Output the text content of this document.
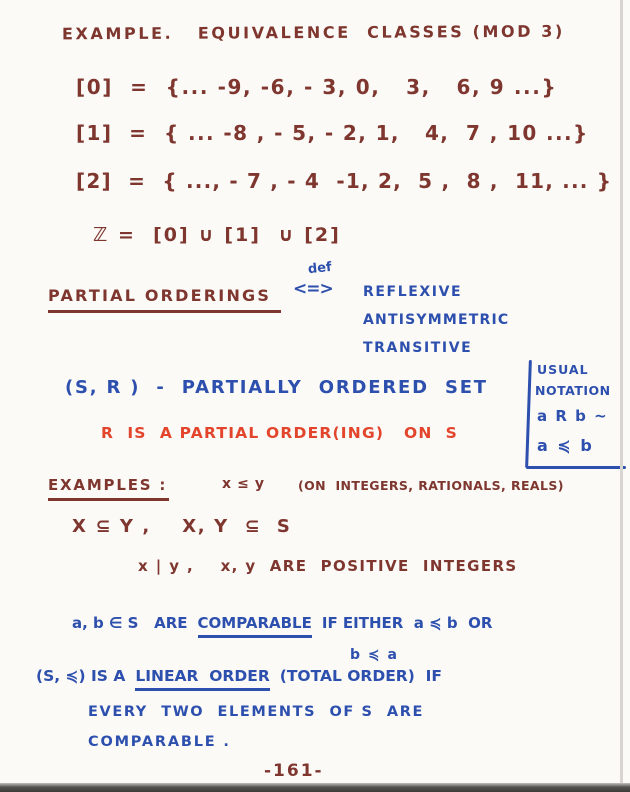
EXAMPLE.   EQUIVALENCE  CLASSES (MOD 3)
[0]  =  {... -9, -6, - 3, 0,   3,   6, 9 ...}
[1]  =  { ... -8 , - 5, - 2, 1,   4,  7 , 10 ...}
[2]  =  { ..., - 7 , - 4  -1, 2,  5 ,  8 ,  11, ... }
ℤ =  [0] ∪ [1]  ∪ [2]
PARTIAL ORDERINGS
def
<=> REFLEXIVE
ANTISYMMETRIC
TRANSITIVE
(S, R )  -  PARTIALLY  ORDERED  SET
R  IS  A PARTIAL ORDER(ING)   ON  S
USUAL
NOTATION
a R b ~
a ≼ b
EXAMPLES :	x ≤ y	(ON  INTEGERS, RATIONALS, REALS)
X ⊆ Y ,    X, Y  ⊆  S
x | y ,    x, y  ARE  POSITIVE  INTEGERS
a, b ∈ S   ARE COMPARABLE IF EITHER  a ≼ b  OR
b ≼ a
(S, ≼) IS A LINEAR  ORDER (TOTAL ORDER)  IF
EVERY  TWO  ELEMENTS  OF S  ARE
COMPARABLE .
-161-
